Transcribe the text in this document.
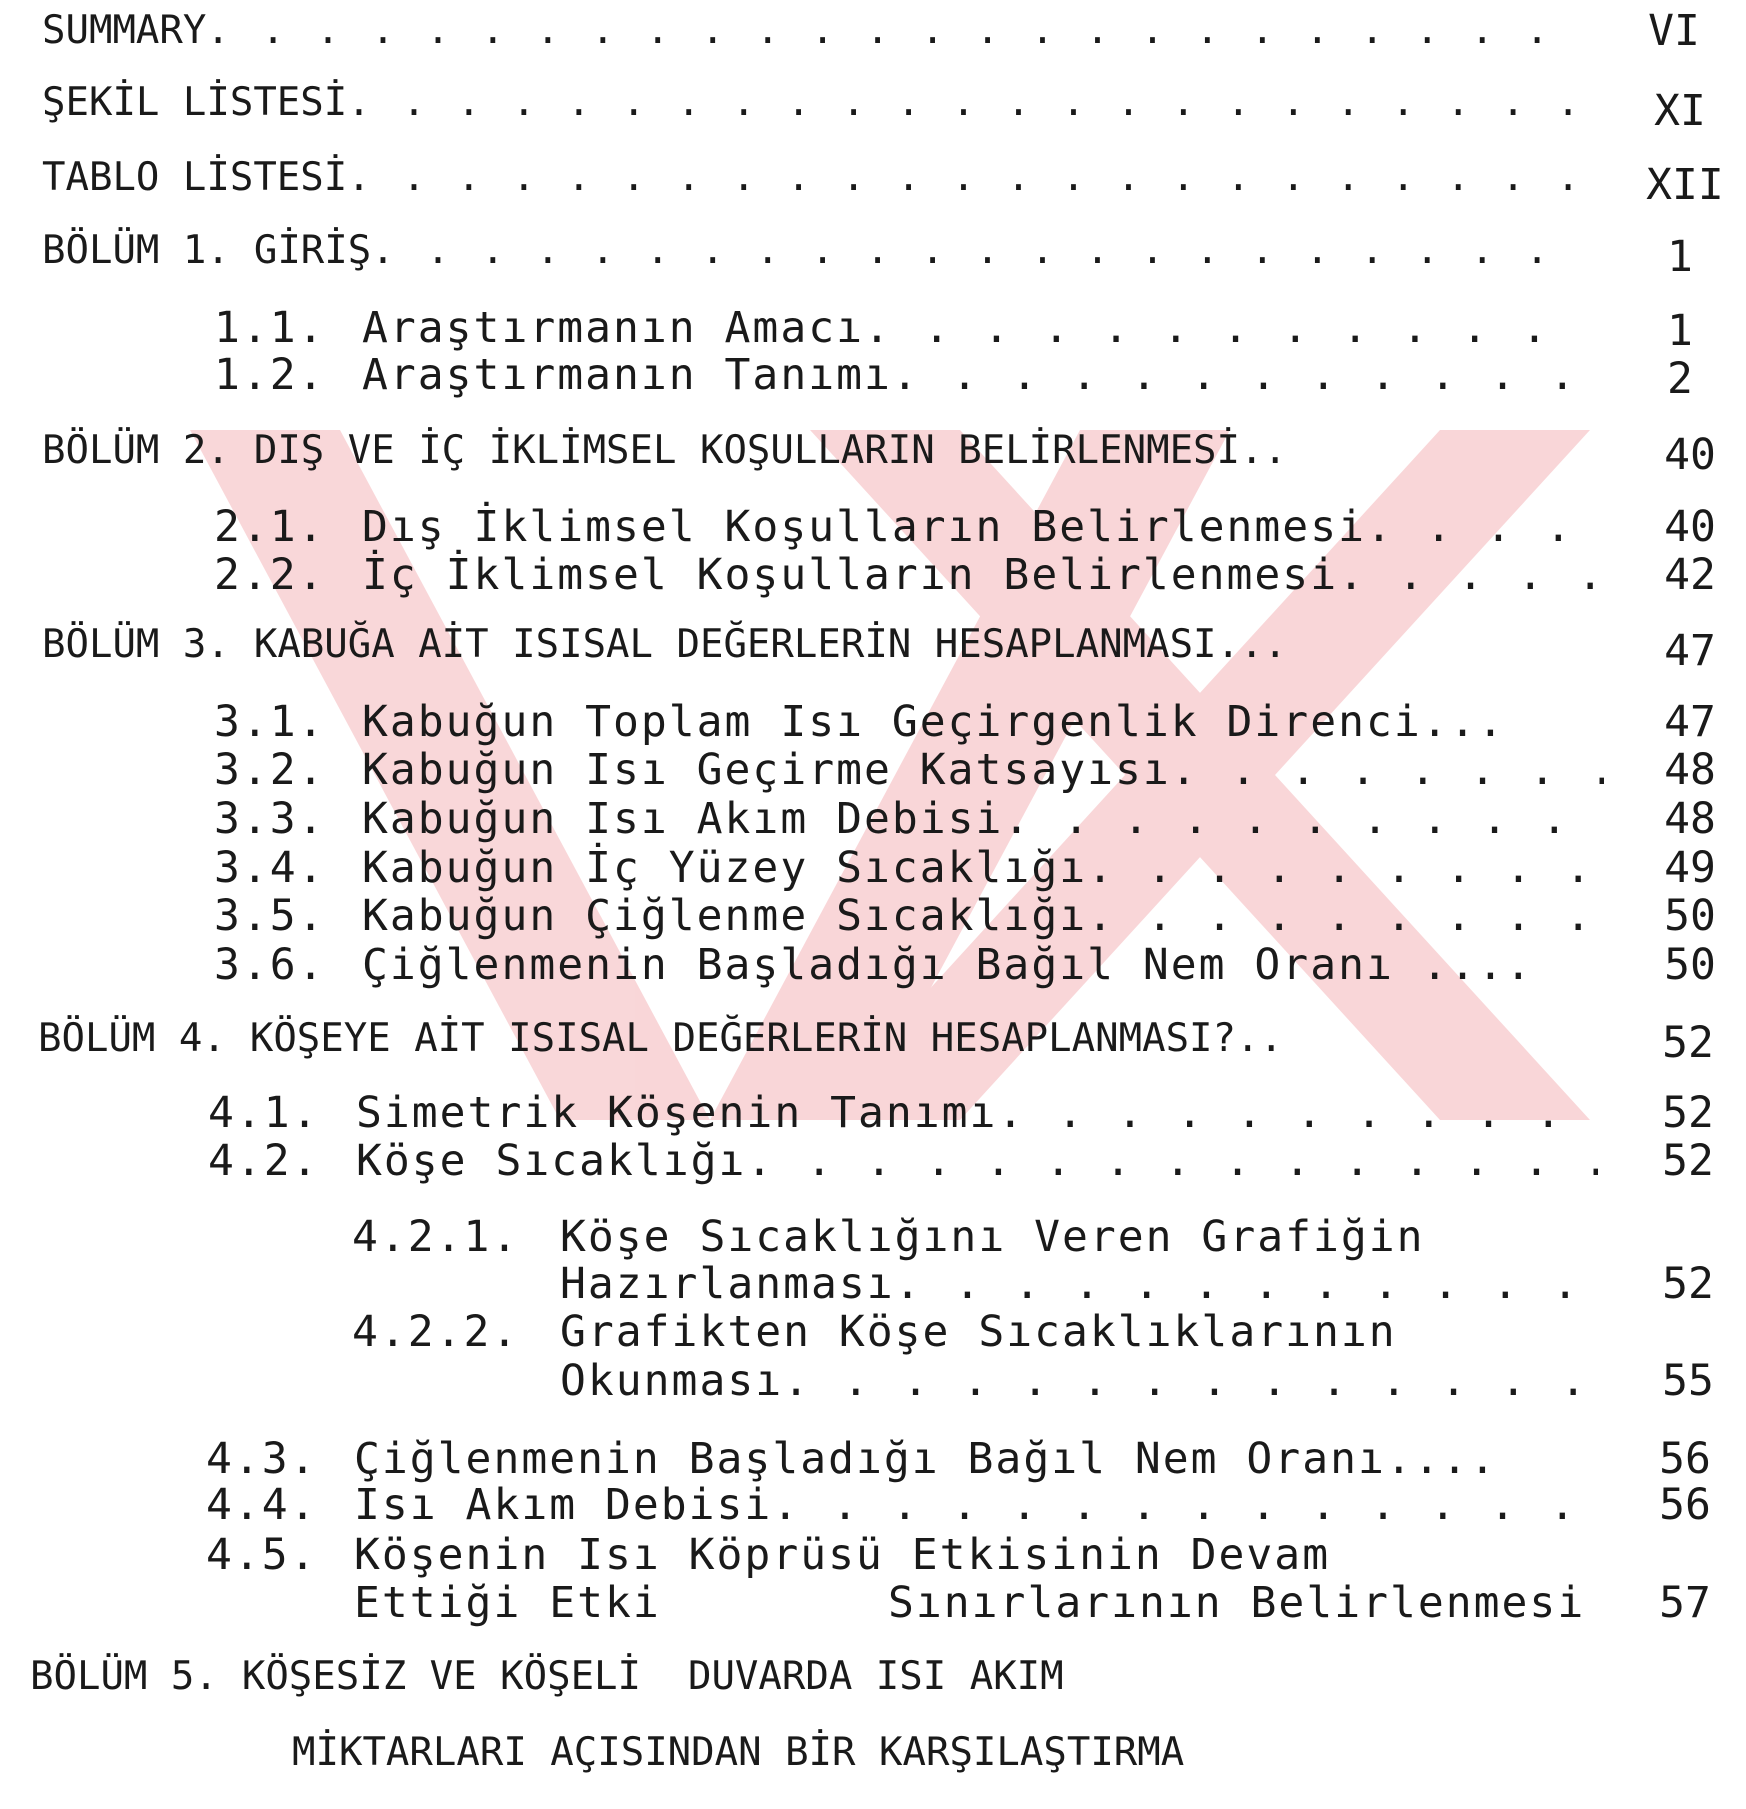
SUMMARY . . .	VI
ŞEKİL LİSTESİ . . .	XI
TABLO LİSTESİ . . .	XII
BÖLÜM 1. GİRİŞ . . .	1
1.1. Araştırmanın Amacı . . .	1
1.2. Araştırmanın Tanımı . . .	2
BÖLÜM 2. DIŞ VE İÇ İKLİMSEL KOŞULLARIN BELİRLENMESİ..	40
2.1. Dış İklimsel Koşulların Belirlenmesi . . .	40
2.2. İç İklimsel Koşulların Belirlenmesi . . .	42
BÖLÜM 3. KABUĞA AİT ISISAL DEĞERLERİN HESAPLANMASI...	47
3.1. Kabuğun Toplam Isı Geçirgenlik Direnci...	47
3.2. Kabuğun Isı Geçirme Katsayısı . . .	48
3.3. Kabuğun Isı Akım Debisi . . .	48
3.4. Kabuğun İç Yüzey Sıcaklığı . . .	49
3.5. Kabuğun Çiğlenme Sıcaklığı . . .	50
3.6. Çiğlenmenin Başladığı Bağıl Nem Oranı ....	50
BÖLÜM 4. KÖŞEYE AİT ISISAL DEĞERLERİN HESAPLANMASI?..	52
4.1. Simetrik Köşenin Tanımı . . .	52
4.2. Köşe Sıcaklığı . . .	52
4.2.1. Köşe Sıcaklığını Veren Grafiğin
Hazırlanması . . .	52
4.2.2. Grafikten Köşe Sıcaklıklarının
Okunması . . .	55
4.3. Çiğlenmenin Başladığı Bağıl Nem Oranı....	56
4.4. Isı Akım Debisi . . .	56
4.5. Köşenin Isı Köprüsü Etkisinin Devam
Ettiği Etki	Sınırlarının Belirlenmesi	57
BÖLÜM 5. KÖŞESİZ VE KÖŞELİ  DUVARDA ISI AKIM
MİKTARLARI AÇISINDAN BİR KARŞILAŞTIRMA
